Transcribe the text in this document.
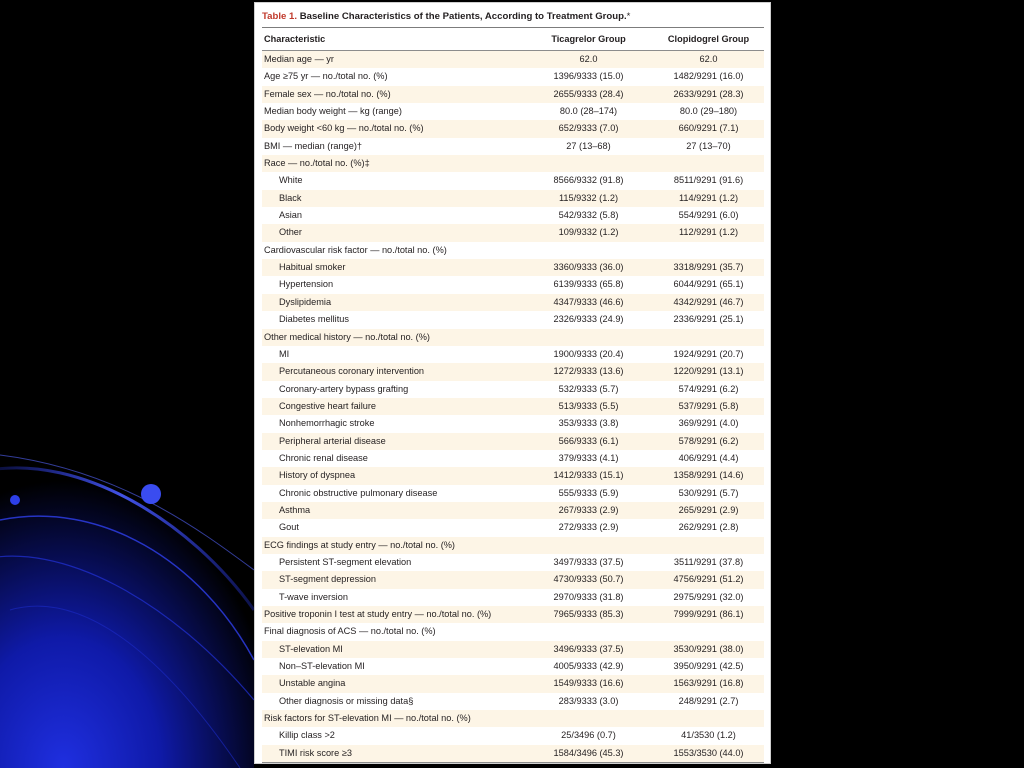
Table 1. Baseline Characteristics of the Patients, According to Treatment Group.*
Characteristic	Ticagrelor Group	Clopidogrel Group
Median age — yr	62.0	62.0
Age ≥75 yr — no./total no. (%)	1396/9333 (15.0)	1482/9291 (16.0)
Female sex — no./total no. (%)	2655/9333 (28.4)	2633/9291 (28.3)
Median body weight — kg (range)	80.0 (28–174)	80.0 (29–180)
Body weight <60 kg — no./total no. (%)	652/9333 (7.0)	660/9291 (7.1)
BMI — median (range)†	27 (13–68)	27 (13–70)
Race — no./total no. (%)‡
White	8566/9332 (91.8)	8511/9291 (91.6)
Black	115/9332 (1.2)	114/9291 (1.2)
Asian	542/9332 (5.8)	554/9291 (6.0)
Other	109/9332 (1.2)	112/9291 (1.2)
Cardiovascular risk factor — no./total no. (%)
Habitual smoker	3360/9333 (36.0)	3318/9291 (35.7)
Hypertension	6139/9333 (65.8)	6044/9291 (65.1)
Dyslipidemia	4347/9333 (46.6)	4342/9291 (46.7)
Diabetes mellitus	2326/9333 (24.9)	2336/9291 (25.1)
Other medical history — no./total no. (%)
MI	1900/9333 (20.4)	1924/9291 (20.7)
Percutaneous coronary intervention	1272/9333 (13.6)	1220/9291 (13.1)
Coronary-artery bypass grafting	532/9333 (5.7)	574/9291 (6.2)
Congestive heart failure	513/9333 (5.5)	537/9291 (5.8)
Nonhemorrhagic stroke	353/9333 (3.8)	369/9291 (4.0)
Peripheral arterial disease	566/9333 (6.1)	578/9291 (6.2)
Chronic renal disease	379/9333 (4.1)	406/9291 (4.4)
History of dyspnea	1412/9333 (15.1)	1358/9291 (14.6)
Chronic obstructive pulmonary disease	555/9333 (5.9)	530/9291 (5.7)
Asthma	267/9333 (2.9)	265/9291 (2.9)
Gout	272/9333 (2.9)	262/9291 (2.8)
ECG findings at study entry — no./total no. (%)
Persistent ST-segment elevation	3497/9333 (37.5)	3511/9291 (37.8)
ST-segment depression	4730/9333 (50.7)	4756/9291 (51.2)
T-wave inversion	2970/9333 (31.8)	2975/9291 (32.0)
Positive troponin I test at study entry — no./total no. (%)	7965/9333 (85.3)	7999/9291 (86.1)
Final diagnosis of ACS — no./total no. (%)
ST-elevation MI	3496/9333 (37.5)	3530/9291 (38.0)
Non–ST-elevation MI	4005/9333 (42.9)	3950/9291 (42.5)
Unstable angina	1549/9333 (16.6)	1563/9291 (16.8)
Other diagnosis or missing data§	283/9333 (3.0)	248/9291 (2.7)
Risk factors for ST-elevation MI — no./total no. (%)
Killip class >2	25/3496 (0.7)	41/3530 (1.2)
TIMI risk score ≥3	1584/3496 (45.3)	1553/3530 (44.0)
